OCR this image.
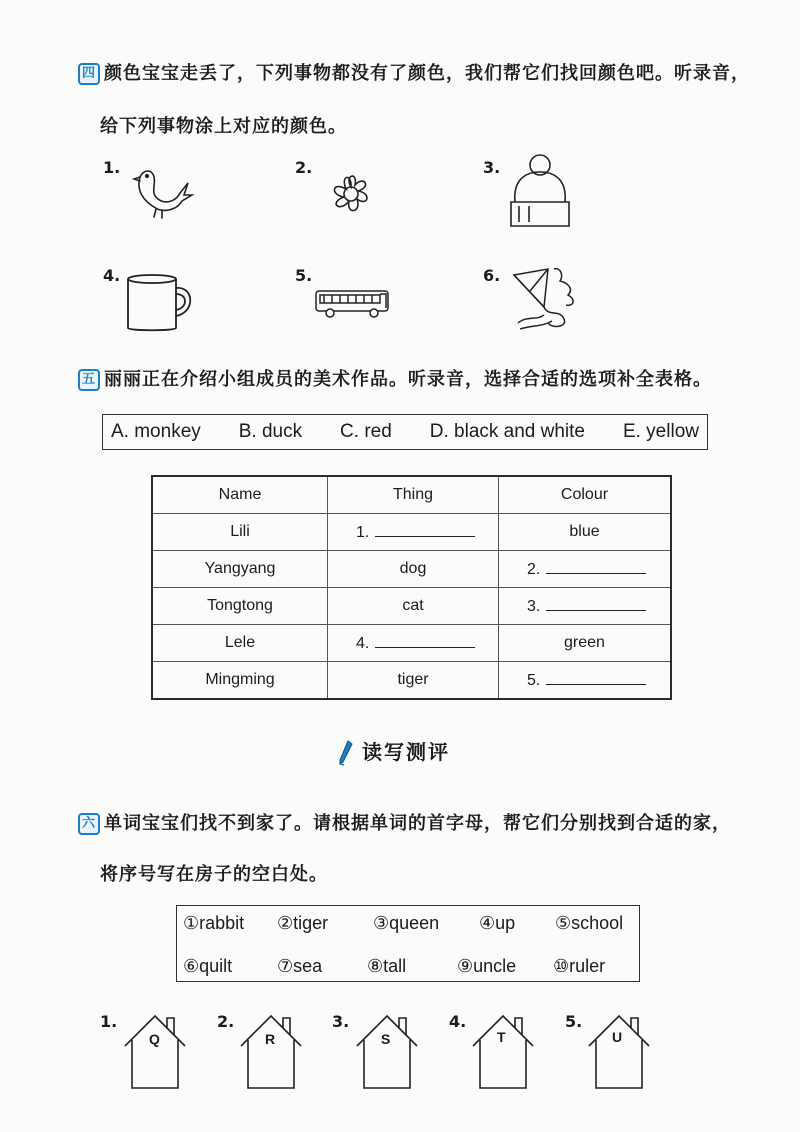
四 颜色宝宝走丢了，下列事物都没有了颜色，我们帮它们找回颜色吧。听录音，
给下列事物涂上对应的颜色。
1.	2.	3.
4.	5.	6.
五 丽丽正在介绍小组成员的美术作品。听录音，选择合适的选项补全表格。
A. monkey B. duck C. red D. black and white E. yellow
Name	Thing	Colour
Lili	1.	blue
Yangyang	dog	2.
Tongtong	cat	3.
Lele	4.	green
Mingming	tiger	5.
读写测评
六 单词宝宝们找不到家了。请根据单词的首字母，帮它们分别找到合适的家，
将序号写在房子的空白处。
①rabbit ②tiger ③queen ④up ⑤school
⑥quilt ⑦sea ⑧tall	⑨uncle ⑩ruler
1.	2.	3.	4.	5.
Q	R	S	T	U
